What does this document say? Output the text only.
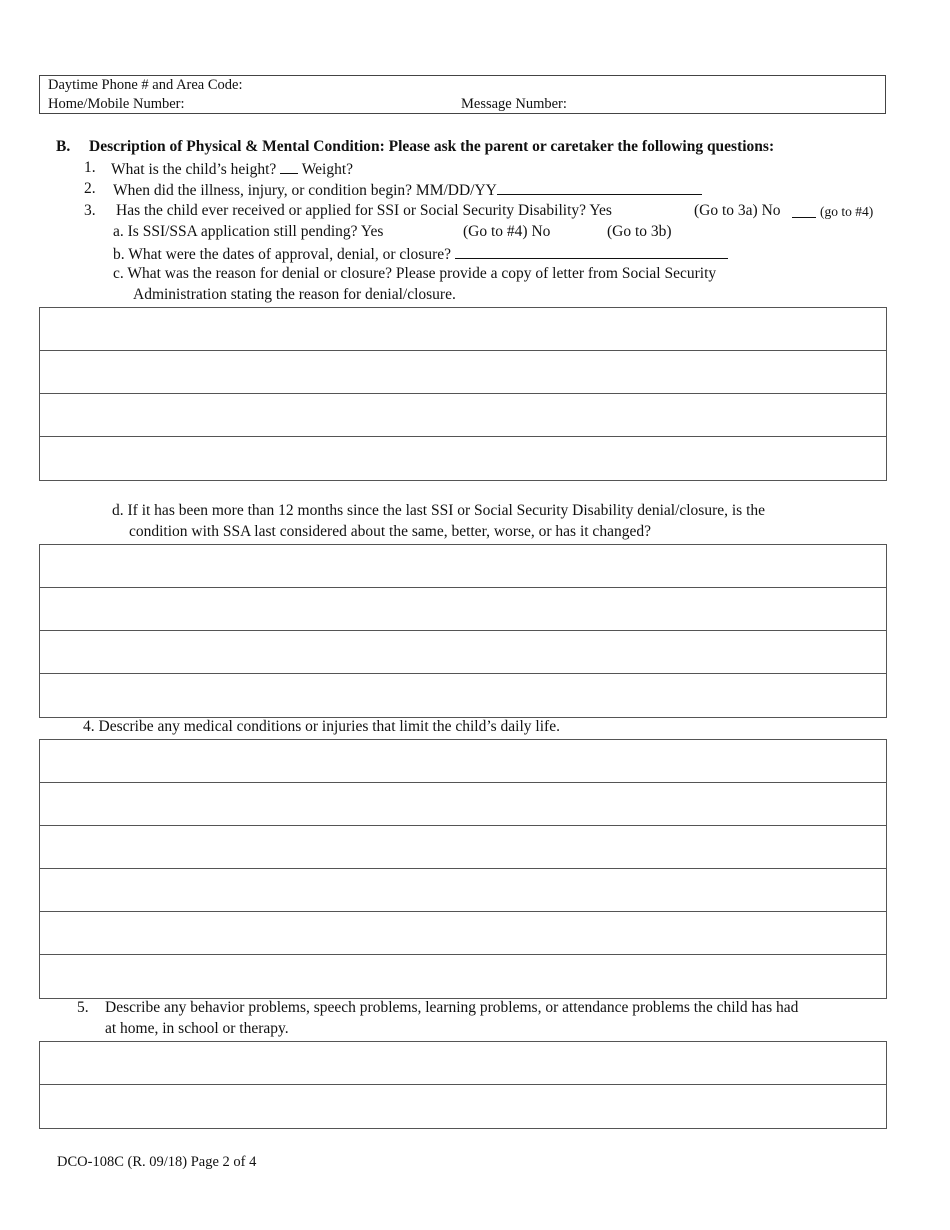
Daytime Phone # and Area Code:
Home/Mobile Number:	Message Number:
B. Description of Physical & Mental Condition: Please ask the parent or caretaker the following questions:
1. What is the child’s height? Weight?
2. When did the illness, injury, or condition begin? MM/DD/YY
3. Has the child ever received or applied for SSI or Social Security Disability? Yes	(Go to 3a) No	(go to #4)
a. Is SSI/SSA application still pending? Yes	(Go to #4) No	(Go to 3b)
b. What were the dates of approval, denial, or closure?
c. What was the reason for denial or closure? Please provide a copy of letter from Social Security
Administration stating the reason for denial/closure.
d. If it has been more than 12 months since the last SSI or Social Security Disability denial/closure, is the
condition with SSA last considered about the same, better, worse, or has it changed?
4. Describe any medical conditions or injuries that limit the child’s daily life.
5. Describe any behavior problems, speech problems, learning problems, or attendance problems the child has had
at home, in school or therapy.
DCO-108C (R. 09/18) Page 2 of 4
